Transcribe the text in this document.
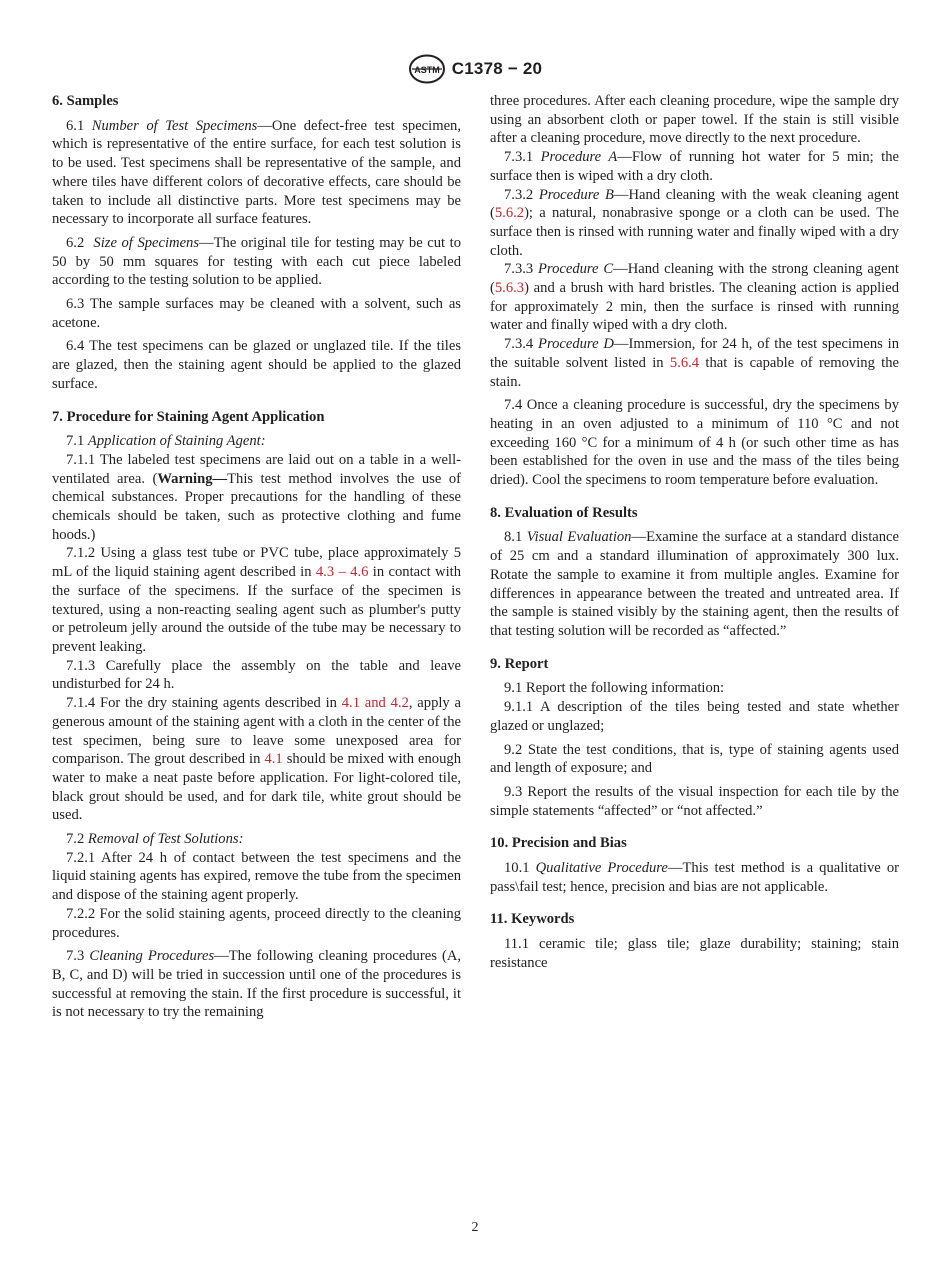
ASTM C1378 − 20
6. Samples

6.1 Number of Test Specimens—One defect-free test specimen, which is representative of the entire surface, for each test solution is to be used. Test specimens shall be representative of the sample, and where tiles have different colors of decorative effects, care should be taken to include all distinctive parts. More test specimens may be necessary to incorporate all surface features.

6.2 Size of Specimens—The original tile for testing may be cut to 50 by 50 mm squares for testing with each cut piece labeled according to the testing solution to be applied.

6.3 The sample surfaces may be cleaned with a solvent, such as acetone.

6.4 The test specimens can be glazed or unglazed tile. If the tiles are glazed, then the staining agent should be applied to the glazed surface.

7. Procedure for Staining Agent Application

7.1 Application of Staining Agent:

7.1.1 The labeled test specimens are laid out on a table in a well-ventilated area. (Warning—This test method involves the use of chemical substances. Proper precautions for the handling of these chemicals should be taken, such as protective clothing and fume hoods.)

7.1.2 Using a glass test tube or PVC tube, place approximately 5 mL of the liquid staining agent described in 4.3 – 4.6 in contact with the surface of the specimens. If the surface of the specimen is textured, using a non-reacting sealing agent such as plumber's putty or petroleum jelly around the outside of the tube may be necessary to prevent leaking.

7.1.3 Carefully place the assembly on the table and leave undisturbed for 24 h.

7.1.4 For the dry staining agents described in 4.1 and 4.2, apply a generous amount of the staining agent with a cloth in the center of the test specimen, being sure to leave some unexposed area for comparison. The grout described in 4.1 should be mixed with enough water to make a neat paste before application. For light-colored tile, black grout should be used, and for dark tile, white grout should be used.

7.2 Removal of Test Solutions:

7.2.1 After 24 h of contact between the test specimens and the liquid staining agents has expired, remove the tube from the specimen and dispose of the staining agent properly.

7.2.2 For the solid staining agents, proceed directly to the cleaning procedures.

7.3 Cleaning Procedures—The following cleaning procedures (A, B, C, and D) will be tried in succession until one of the procedures is successful at removing the stain. If the first procedure is successful, it is not necessary to try the remaining

three procedures. After each cleaning procedure, wipe the sample dry using an absorbent cloth or paper towel. If the stain is still visible after a cleaning procedure, move directly to the next procedure.

7.3.1 Procedure A—Flow of running hot water for 5 min; the surface then is wiped with a dry cloth.

7.3.2 Procedure B—Hand cleaning with the weak cleaning agent (5.6.2); a natural, nonabrasive sponge or a cloth can be used. The surface then is rinsed with running water and finally wiped with a dry cloth.

7.3.3 Procedure C—Hand cleaning with the strong cleaning agent (5.6.3) and a brush with hard bristles. The cleaning action is applied for approximately 2 min, then the surface is rinsed with running water and finally wiped with a dry cloth.

7.3.4 Procedure D—Immersion, for 24 h, of the test specimens in the suitable solvent listed in 5.6.4 that is capable of removing the stain.

7.4 Once a cleaning procedure is successful, dry the specimens by heating in an oven adjusted to a minimum of 110 °C and not exceeding 160 °C for a minimum of 4 h (or such other time as has been established for the oven in use and the mass of the tiles being dried). Cool the specimens to room temperature before evaluation.

8. Evaluation of Results

8.1 Visual Evaluation—Examine the surface at a standard distance of 25 cm and a standard illumination of approximately 300 lux. Rotate the sample to examine it from multiple angles. Examine for differences in appearance between the treated and untreated area. If the sample is stained visibly by the staining agent, then the results of that testing solution will be recorded as “affected.”

9. Report

9.1 Report the following information:

9.1.1 A description of the tiles being tested and state whether glazed or unglazed;

9.2 State the test conditions, that is, type of staining agents used and length of exposure; and

9.3 Report the results of the visual inspection for each tile by the simple statements “affected” or “not affected.”

10. Precision and Bias

10.1 Qualitative Procedure—This test method is a qualitative or pass\fail test; hence, precision and bias are not applicable.

11. Keywords

11.1 ceramic tile; glass tile; glaze durability; staining; stain resistance

2
